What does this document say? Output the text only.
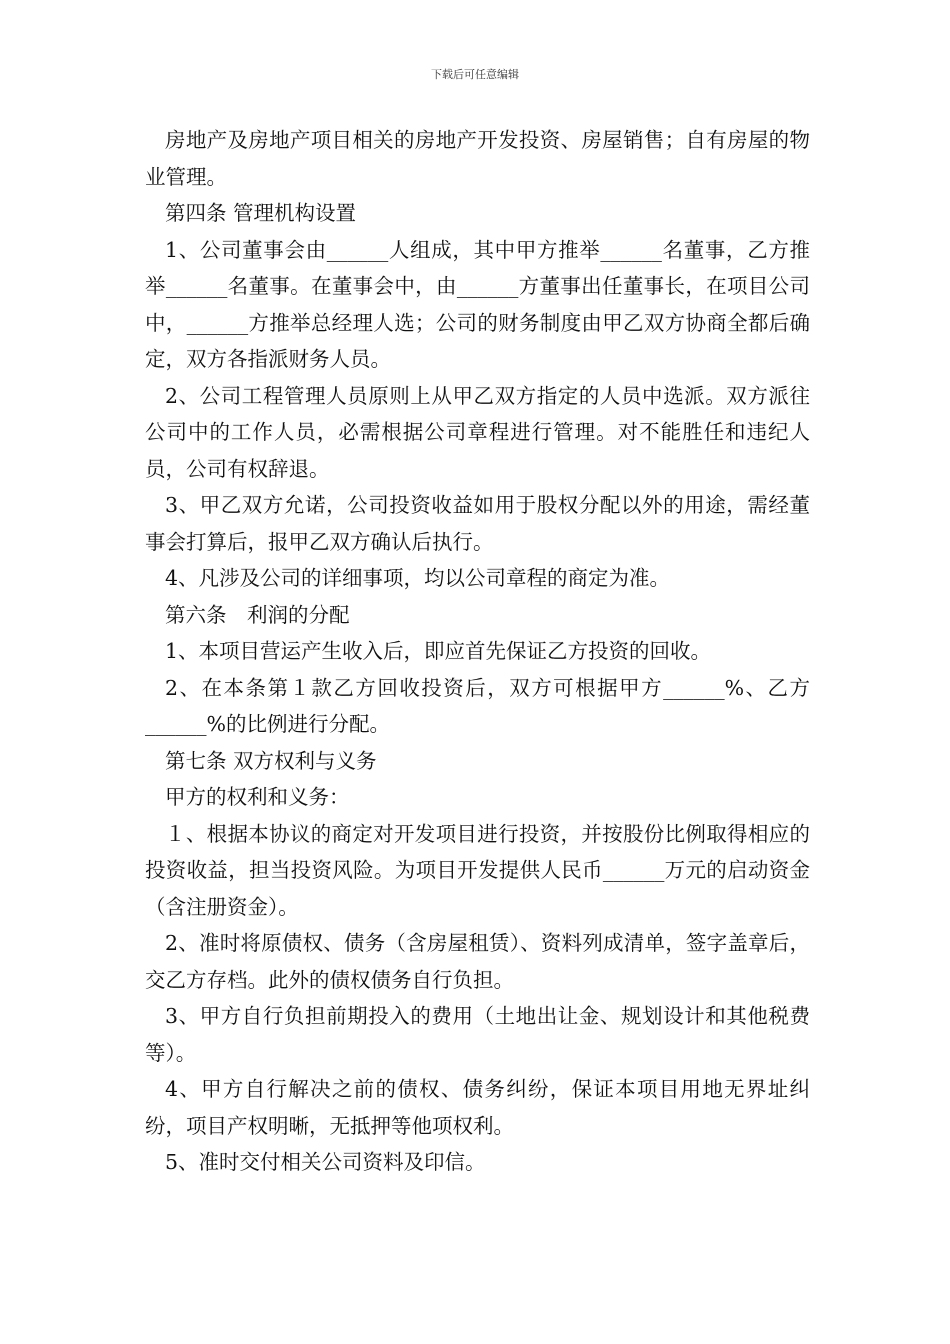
下载后可任意编辑

房地产及房地产项目相关的房地产开发投资、房屋销售；自有房屋的物业管理。

第四条 管理机构设置

1、公司董事会由______人组成，其中甲方推举______名董事，乙方推举______名董事。在董事会中，由______方董事出任董事长，在项目公司中，______方推举总经理人选；公司的财务制度由甲乙双方协商全都后确定，双方各指派财务人员。

2、公司工程管理人员原则上从甲乙双方指定的人员中选派。双方派往公司中的工作人员，必需根据公司章程进行管理。对不能胜任和违纪人员，公司有权辞退。

3、甲乙双方允诺，公司投资收益如用于股权分配以外的用途，需经董事会打算后，报甲乙双方确认后执行。

4、凡涉及公司的详细事项，均以公司章程的商定为准。

第六条　利润的分配

1、本项目营运产生收入后，即应首先保证乙方投资的回收。

2、在本条第１款乙方回收投资后，双方可根据甲方______%、乙方______%的比例进行分配。

第七条 双方权利与义务

甲方的权利和义务：

１、根据本协议的商定对开发项目进行投资，并按股份比例取得相应的投资收益，担当投资风险。为项目开发提供人民币______万元的启动资金（含注册资金）。

2、准时将原债权、债务（含房屋租赁）、资料列成清单，签字盖章后，交乙方存档。此外的债权债务自行负担。

3、甲方自行负担前期投入的费用（土地出让金、规划设计和其他税费等）。

4、甲方自行解决之前的债权、债务纠纷，保证本项目用地无界址纠纷，项目产权明晰，无抵押等他项权利。

5、准时交付相关公司资料及印信。
